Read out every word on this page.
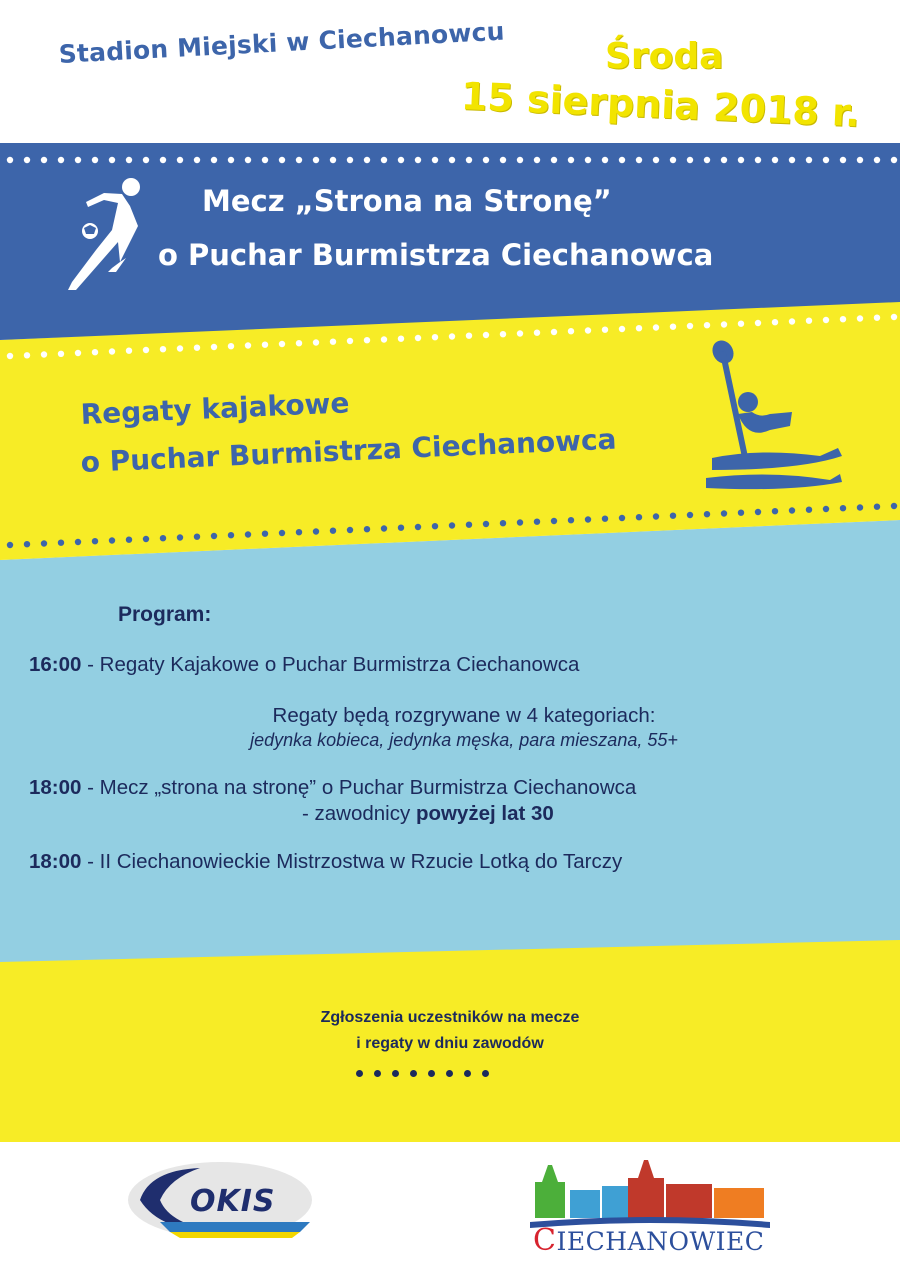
Stadion Miejski w Ciechanowcu	Środa
15 sierpnia 2018 r.
Mecz „Strona na Stronę”
o Puchar Burmistrza Ciechanowca
Regaty kajakowe
o Puchar Burmistrza Ciechanowca
Program:
16:00 - Regaty Kajakowe o Puchar Burmistrza Ciechanowca
Regaty będą rozgrywane w 4 kategoriach:
jedynka kobieca, jedynka męska, para mieszana, 55+
18:00 - Mecz „strona na stronę” o Puchar Burmistrza Ciechanowca
- zawodnicy powyżej lat 30
18:00 - II Ciechanowieckie Mistrzostwa w Rzucie Lotką do Tarczy
Zgłoszenia uczestników na mecze
i regaty w dniu zawodów
OKIS
CIECHANOWIEC
